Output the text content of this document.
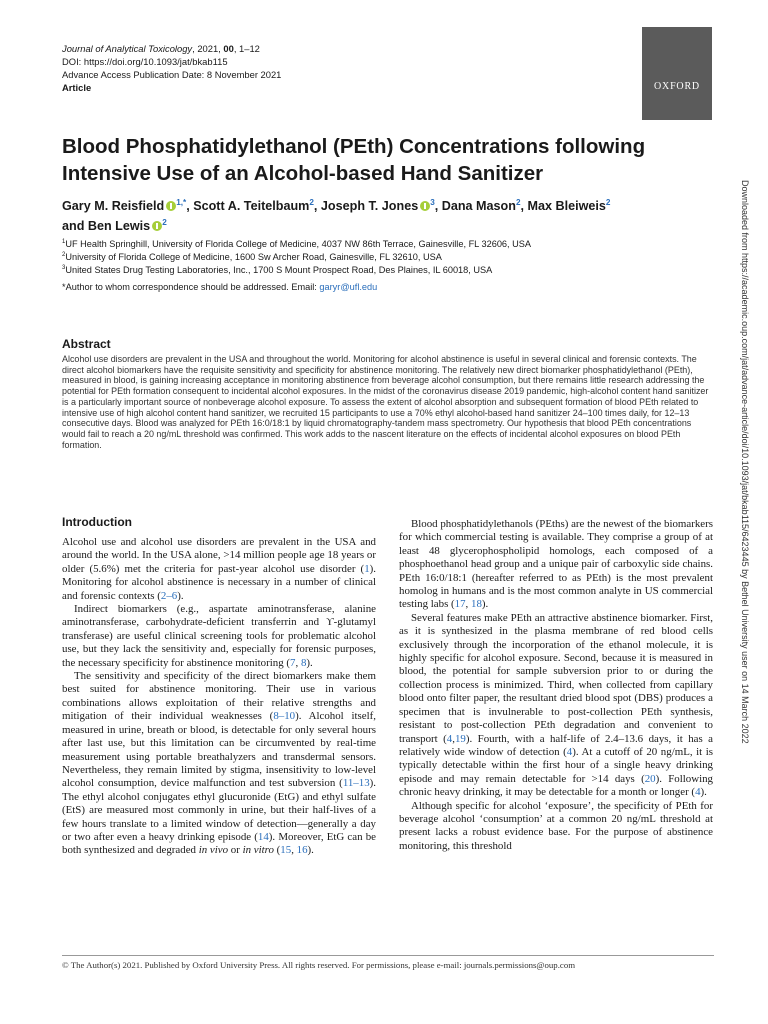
Journal of Analytical Toxicology, 2021, 00, 1–12
DOI: https://doi.org/10.1093/jat/bkab115
Advance Access Publication Date: 8 November 2021
Article	OXFORD
Blood Phosphatidylethanol (PEth) Concentrations following Intensive Use of an Alcohol-based Hand Sanitizer
Gary M. Reisfield $^{1,*}$, Scott A. Teitelbaum$^2$, Joseph T. Jones $^3$, Dana Mason$^2$, Max Bleiweis$^2$
and Ben Lewis $^2$
$^1$UF Health Springhill, University of Florida College of Medicine, 4037 NW 86th Terrace, Gainesville, FL 32606, USA
$^2$University of Florida College of Medicine, 1600 Sw Archer Road, Gainesville, FL 32610, USA
$^3$United States Drug Testing Laboratories, Inc., 1700 S Mount Prospect Road, Des Plaines, IL 60018, USA
*Author to whom correspondence should be addressed. Email: garyr@ufl.edu
Abstract
Alcohol use disorders are prevalent in the USA and throughout the world. Monitoring for alcohol abstinence is useful in several clinical and forensic contexts. The direct alcohol biomarkers have the requisite sensitivity and specificity for abstinence monitoring. The relatively new direct biomarker phosphatidylethanol (PEth), measured in blood, is gaining increasing acceptance in monitoring abstinence from beverage alcohol consumption, but there remains little research addressing the potential for PEth formation consequent to incidental alcohol exposures. In the midst of the coronavirus disease 2019 pandemic, high-alcohol content hand sanitizer is a particularly important source of nonbeverage alcohol exposure. To assess the extent of alcohol absorption and subsequent formation of blood PEth related to intensive use of high alcohol content hand sanitizer, we recruited 15 participants to use a 70% ethyl alcohol-based hand sanitizer 24–100 times daily, for 12–13 consecutive days. Blood was analyzed for PEth 16:0/18:1 by liquid chromatography-tandem mass spectrometry. Our hypothesis that blood PEth concentrations would fail to reach a 20 ng/mL threshold was confirmed. This work adds to the nascent literature on the effects of incidental alcohol exposures on blood PEth formation.
Introduction

Alcohol use and alcohol use disorders are prevalent in the USA and around the world. In the USA alone, >14 million people age 18 years or older (5.6%) met the criteria for past-year alcohol use disorder (1). Monitoring for alcohol abstinence is necessary in a number of clinical and forensic contexts (2–6).

Indirect biomarkers (e.g., aspartate aminotransferase, alanine aminotransferase, carbohydrate-deficient transferrin and ϒ-glutamyl transferase) are useful clinical screening tools for problematic alcohol use, but they lack the sensitivity and, especially for forensic purposes, the necessary specificity for abstinence monitoring (7, 8).

The sensitivity and specificity of the direct biomarkers make them best suited for abstinence monitoring. Their use in various combinations allows exploitation of their relative strengths and mitigation of their individual weaknesses (8–10). Alcohol itself, measured in urine, breath or blood, is detectable for only several hours after last use, but this limitation can be circumvented by real-time measurement using portable breathalyzers and transdermal sensors. Nevertheless, they remain limited by stigma, insensitivity to low-level alcohol consumption, device malfunction and test subversion (11–13). The ethyl alcohol conjugates ethyl glucuronide (EtG) and ethyl sulfate (EtS) are measured most commonly in urine, but their half-lives of a few hours translate to a limited window of detection—generally a day or two after even a heavy drinking episode (14). Moreover, EtG can be both synthesized and degraded in vivo or in vitro (15, 16).

Blood phosphatidylethanols (PEths) are the newest of the biomarkers for which commercial testing is available. They comprise a group of at least 48 glycerophospholipid homologs, each composed of a phosphoethanol head group and a unique pair of carboxylic side chains. PEth 16:0/18:1 (hereafter referred to as PEth) is the most prevalent homolog in humans and is the most common analyte in US commercial testing labs (17, 18).

Several features make PEth an attractive abstinence biomarker. First, as it is synthesized in the plasma membrane of red blood cells exclusively through the incorporation of the ethanol molecule, it is highly specific for alcohol exposure. Second, because it is measured in blood, the potential for sample subversion prior to or during the collection process is minimized. Third, when collected from capillary blood onto filter paper, the resultant dried blood spot (DBS) produces a specimen that is invulnerable to post-collection PEth synthesis, resistant to post-collection PEth degradation and convenient to transport (4,19). Fourth, with a half-life of 2.4–13.6 days, it has a relatively wide window of detection (4). At a cutoff of 20 ng/mL, it is typically detectable within the first hour of a single heavy drinking episode and may remain detectable for >14 days (20). Following chronic heavy drinking, it may be detectable for a month or longer (4).

Although specific for alcohol ‘exposure’, the specificity of PEth for beverage alcohol ‘consumption’ at a common 20 ng/mL threshold at present lacks a robust evidence base. For the purpose of abstinence monitoring, this threshold

Downloaded from https://academic.oup.com/jat/advance-article/doi/10.1093/jat/bkab115/6423445 by Bethel University user on 14 March 2022
© The Author(s) 2021. Published by Oxford University Press. All rights reserved. For permissions, please e-mail: journals.permissions@oup.com
